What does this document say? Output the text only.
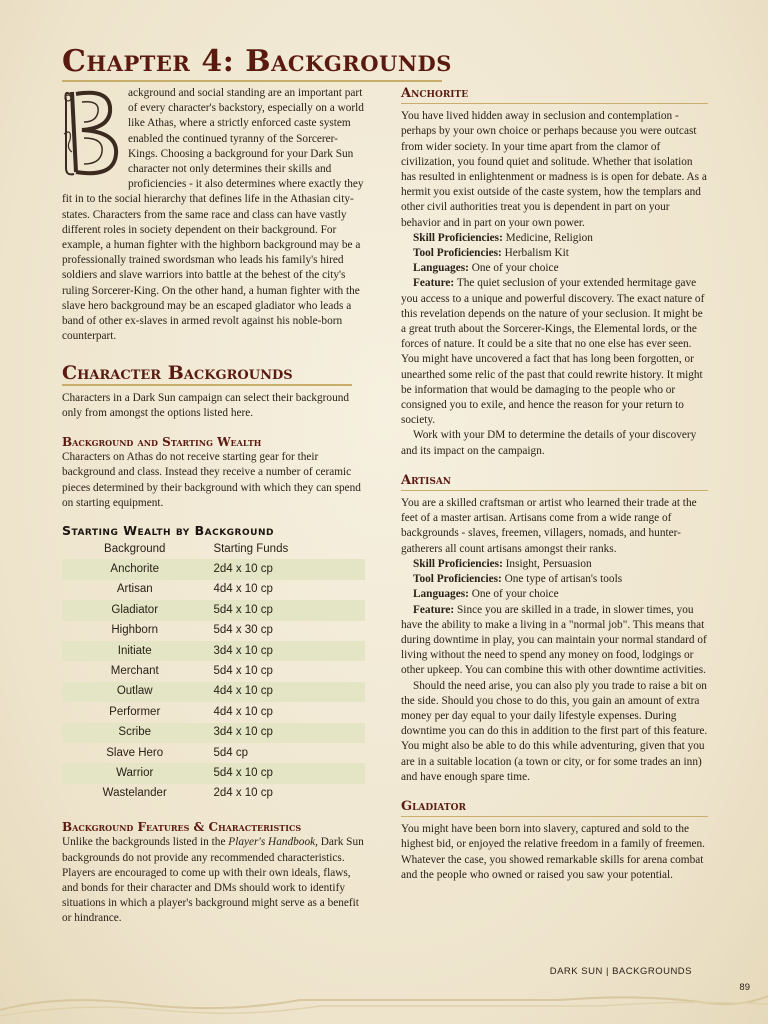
Chapter 4: Backgrounds

ackground and social standing are an important part of every character's backstory, especially on a world like Athas, where a strictly enforced caste system enabled the continued tyranny of the Sorcerer-Kings. Choosing a background for your Dark Sun character not only determines their skills and proficiencies - it also determines where exactly they fit in to the social hierarchy that defines life in the Athasian city-states. Characters from the same race and class can have vastly different roles in society dependent on their background. For example, a human fighter with the highborn background may be a professionally trained swordsman who leads his family's hired soldiers and slave warriors into battle at the behest of the city's ruling Sorcerer-King. On the other hand, a human fighter with the slave hero background may be an escaped gladiator who leads a band of other ex-slaves in armed revolt against his noble-born counterpart.

Character Backgrounds

Characters in a Dark Sun campaign can select their background only from amongst the options listed here.

Background and Starting Wealth

Characters on Athas do not receive starting gear for their background and class. Instead they receive a number of ceramic pieces determined by their background with which they can spend on starting equipment.

Starting Wealth by Background
Background	Starting Funds
Anchorite	2d4 x 10 cp
Artisan	4d4 x 10 cp
Gladiator	5d4 x 10 cp
Highborn	5d4 x 30 cp
Initiate	3d4 x 10 cp
Merchant	5d4 x 10 cp
Outlaw	4d4 x 10 cp
Performer	4d4 x 10 cp
Scribe	3d4 x 10 cp
Slave Hero	5d4 cp
Warrior	5d4 x 10 cp
Wastelander	2d4 x 10 cp
Background Features & Characteristics

Unlike the backgrounds listed in the Player's Handbook, Dark Sun backgrounds do not provide any recommended characteristics. Players are encouraged to come up with their own ideals, flaws, and bonds for their character and DMs should work to identify situations in which a player's background might serve as a benefit or hindrance.

Anchorite

You have lived hidden away in seclusion and contemplation - perhaps by your own choice or perhaps because you were outcast from wider society. In your time apart from the clamor of civilization, you found quiet and solitude. Whether that isolation has resulted in enlightenment or madness is is open for debate. As a hermit you exist outside of the caste system, how the templars and other civil authorities treat you is dependent in part on your behavior and in part on your own power.

Skill Proficiencies: Medicine, Religion

Tool Proficiencies: Herbalism Kit

Languages: One of your choice

Feature: The quiet seclusion of your extended hermitage gave you access to a unique and powerful discovery. The exact nature of this revelation depends on the nature of your seclusion. It might be a great truth about the Sorcerer-Kings, the Elemental lords, or the forces of nature. It could be a site that no one else has ever seen. You might have uncovered a fact that has long been forgotten, or unearthed some relic of the past that could rewrite history. It might be information that would be damaging to the people who or consigned you to exile, and hence the reason for your return to society.

Work with your DM to determine the details of your discovery and its impact on the campaign.

Artisan

You are a skilled craftsman or artist who learned their trade at the feet of a master artisan. Artisans come from a wide range of backgrounds - slaves, freemen, villagers, nomads, and hunter-gatherers all count artisans amongst their ranks.

Skill Proficiencies: Insight, Persuasion

Tool Proficiencies: One type of artisan's tools

Languages: One of your choice

Feature: Since you are skilled in a trade, in slower times, you have the ability to make a living in a "normal job". This means that during downtime in play, you can maintain your normal standard of living without the need to spend any money on food, lodgings or other upkeep. You can combine this with other downtime activities.

Should the need arise, you can also ply you trade to raise a bit on the side. Should you chose to do this, you gain an amount of extra money per day equal to your daily lifestyle expenses. During downtime you can do this in addition to the first part of this feature. You might also be able to do this while adventuring, given that you are in a suitable location (a town or city, or for some trades an inn) and have enough spare time.

Gladiator

You might have been born into slavery, captured and sold to the highest bid, or enjoyed the relative freedom in a family of freemen. Whatever the case, you showed remarkable skills for arena combat and the people who owned or raised you saw your potential.

DARK SUN | BACKGROUNDS
89
